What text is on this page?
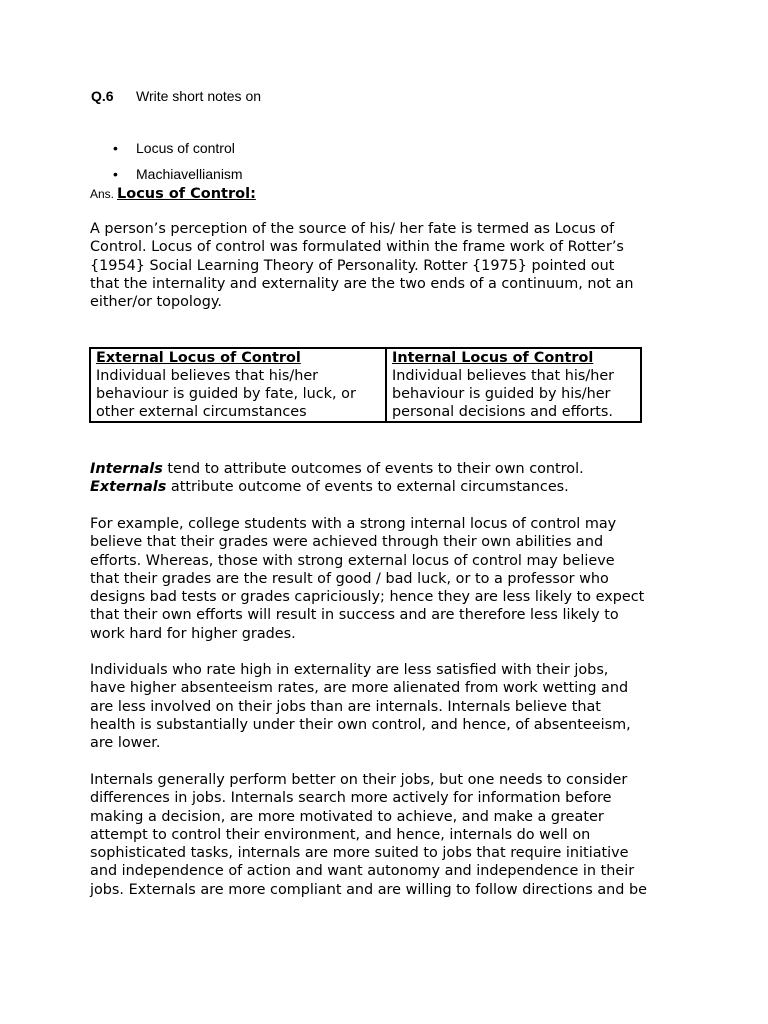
Q.6 Write short notes on
• Locus of control
• Machiavellianism
Ans. Locus of Control:

A person’s perception of the source of his/ her fate is termed as Locus of
Control. Locus of control was formulated within the frame work of Rotter’s
{1954} Social Learning Theory of Personality. Rotter {1975} pointed out
that the internality and externality are the two ends of a continuum, not an
either/or topology.

External Locus of Control
Individual believes that his/her
behaviour is guided by fate, luck, or
other external circumstances

Internal Locus of Control
Individual believes that his/her
behaviour is guided by his/her
personal decisions and efforts.

Internals tend to attribute outcomes of events to their own control.
Externals attribute outcome of events to external circumstances.

For example, college students with a strong internal locus of control may
believe that their grades were achieved through their own abilities and
efforts. Whereas, those with strong external locus of control may believe
that their grades are the result of good / bad luck, or to a professor who
designs bad tests or grades capriciously; hence they are less likely to expect
that their own efforts will result in success and are therefore less likely to
work hard for higher grades.

Individuals who rate high in externality are less satisfied with their jobs,
have higher absenteeism rates, are more alienated from work wetting and
are less involved on their jobs than are internals. Internals believe that
health is substantially under their own control, and hence, of absenteeism,
are lower.

Internals generally perform better on their jobs, but one needs to consider
differences in jobs. Internals search more actively for information before
making a decision, are more motivated to achieve, and make a greater
attempt to control their environment, and hence, internals do well on
sophisticated tasks, internals are more suited to jobs that require initiative
and independence of action and want autonomy and independence in their
jobs. Externals are more compliant and are willing to follow directions and be
